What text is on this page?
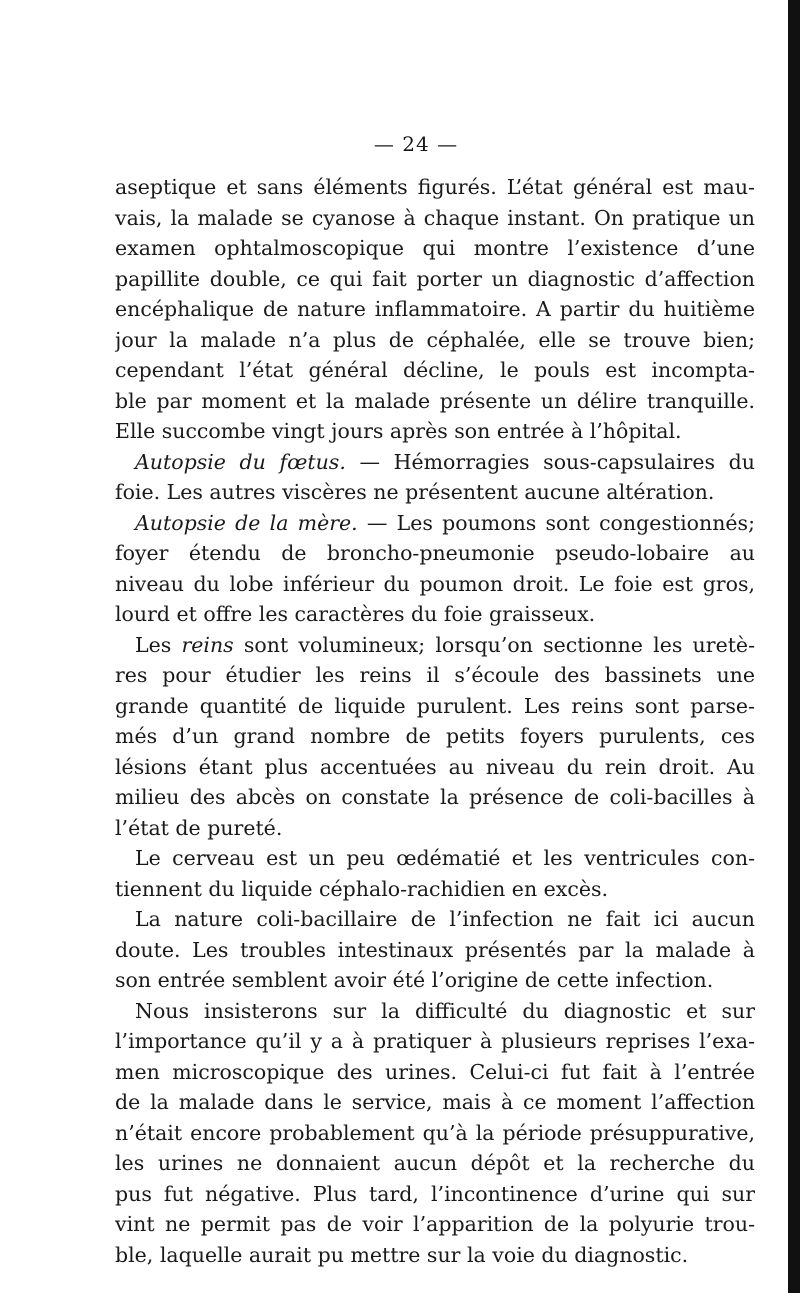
— 24 —
aseptique et sans éléments figurés. L’état général est mau-
vais, la malade se cyanose à chaque instant. On pratique un
examen ophtalmoscopique qui montre l’existence d’une
papillite double, ce qui fait porter un diagnostic d’affection
encéphalique de nature inflammatoire. A partir du huitième
jour la malade n’a plus de céphalée, elle se trouve bien;
cependant l’état général décline, le pouls est incompta-
ble par moment et la malade présente un délire tranquille.
Elle succombe vingt jours après son entrée à l’hôpital.
Autopsie du fœtus. — Hémorragies sous-capsulaires du
foie. Les autres viscères ne présentent aucune altération.
Autopsie de la mère. — Les poumons sont congestionnés;
foyer étendu de broncho-pneumonie pseudo-lobaire au
niveau du lobe inférieur du poumon droit. Le foie est gros,
lourd et offre les caractères du foie graisseux.
Les reins sont volumineux; lorsqu’on sectionne les uretè-
res pour étudier les reins il s’écoule des bassinets une
grande quantité de liquide purulent. Les reins sont parse-
més d’un grand nombre de petits foyers purulents, ces
lésions étant plus accentuées au niveau du rein droit. Au
milieu des abcès on constate la présence de coli-bacilles à
l’état de pureté.
Le cerveau est un peu œdématié et les ventricules con-
tiennent du liquide céphalo-rachidien en excès.
La nature coli-bacillaire de l’infection ne fait ici aucun
doute. Les troubles intestinaux présentés par la malade à
son entrée semblent avoir été l’origine de cette infection.
Nous insisterons sur la difficulté du diagnostic et sur
l’importance qu’il y a à pratiquer à plusieurs reprises l’exa-
men microscopique des urines. Celui-ci fut fait à l’entrée
de la malade dans le service, mais à ce moment l’affection
n’était encore probablement qu’à la période présuppurative,
les urines ne donnaient aucun dépôt et la recherche du
pus fut négative. Plus tard, l’incontinence d’urine qui sur
vint ne permit pas de voir l’apparition de la polyurie trou-
ble, laquelle aurait pu mettre sur la voie du diagnostic.
